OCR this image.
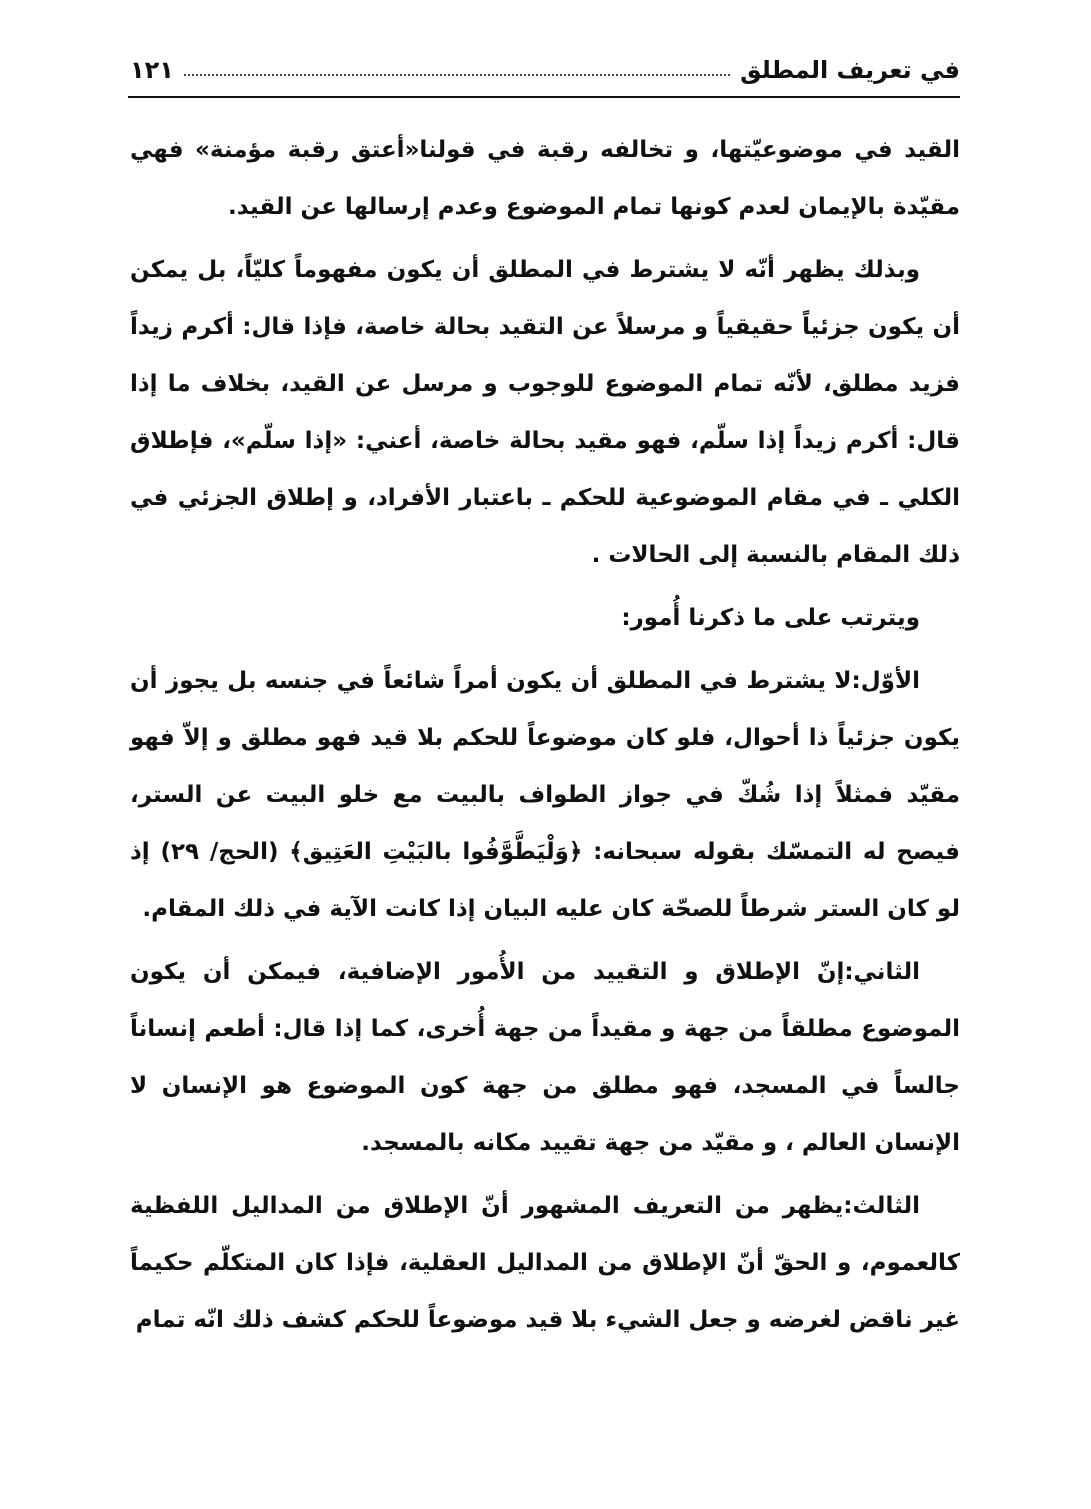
في تعريف المطلق
١٢١

القيد في موضوعيّتها، و تخالفه رقبة في قولنا«أعتق رقبة مؤمنة» فهي مقيّدة بالإيمان لعدم كونها تمام الموضوع وعدم إرسالها عن القيد.

وبذلك يظهر أنّه لا يشترط في المطلق أن يكون مفهوماً كليّاً، بل يمكن أن يكون جزئياً حقيقياً و مرسلاً عن التقيد بحالة خاصة، فإذا قال: أكرم زيداً فزيد مطلق، لأنّه تمام الموضوع للوجوب و مرسل عن القيد، بخلاف ما إذا قال: أكرم زيداً إذا سلّم، فهو مقيد بحالة خاصة، أعني: «إذا سلّم»، فإطلاق الكلي ـ في مقام الموضوعية للحكم ـ باعتبار الأفراد، و إطلاق الجزئي في ذلك المقام بالنسبة إلى الحالات .

ويترتب على ما ذكرنا أُمور:

الأوّل:لا يشترط في المطلق أن يكون أمراً شائعاً في جنسه بل يجوز أن يكون جزئياً ذا أحوال، فلو كان موضوعاً للحكم بلا قيد فهو مطلق و إلاّ فهو مقيّد فمثلاً إذا شُكّ في جواز الطواف بالبيت مع خلو البيت عن الستر، فيصح له التمسّك بقوله سبحانه: ﴿وَلْيَطَّوَّفُوا بالبَيْتِ العَتِيق﴾ (الحج/ ٢٩) إذ لو كان الستر شرطاً للصحّة كان عليه البيان إذا كانت الآية في ذلك المقام.

الثاني:إنّ الإطلاق و التقييد من الأُمور الإضافية، فيمكن أن يكون الموضوع مطلقاً من جهة و مقيداً من جهة أُخرى، كما إذا قال: أطعم إنساناً جالساً في المسجد، فهو مطلق من جهة كون الموضوع هو الإنسان لا الإنسان العالم ، و مقيّد من جهة تقييد مكانه بالمسجد.

الثالث:يظهر من التعريف المشهور أنّ الإطلاق من المداليل اللفظية كالعموم، و الحقّ أنّ الإطلاق من المداليل العقلية، فإذا كان المتكلّم حكيماً غير ناقض لغرضه و جعل الشيء بلا قيد موضوعاً للحكم كشف ذلك انّه تمام
